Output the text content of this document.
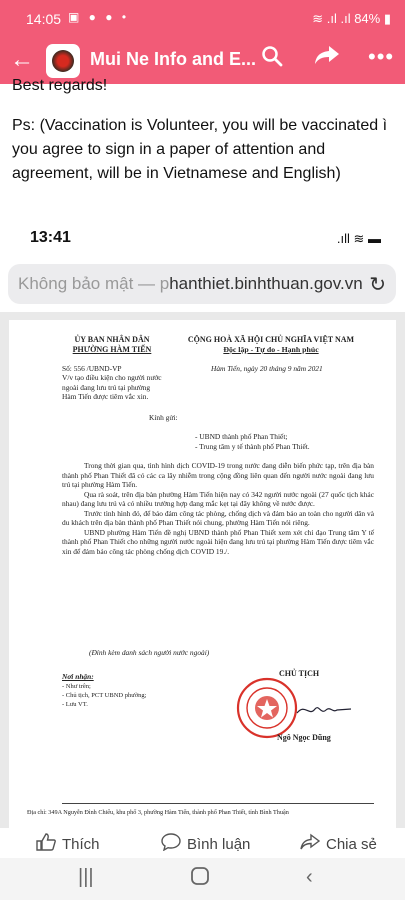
14:05 ▣ ● ● •	≋ .ıl .ıl 84% ▮
←	Mui Ne Info and E...	•••
Best regards!
Ps: (Vaccination is Volunteer, you will be vaccinated ì you agree to sign in a paper of attention and agreement, will be in Vietnamese and English)
13:41	.ıll ≋ ▬
Không bảo mật — phanthiet.binhthuan.gov.vn ↻
ỦY BAN NHÂN DÂN
PHƯỜNG HÀM TIẾN
CỘNG HOÀ XÃ HỘI CHỦ NGHĨA VIỆT NAM
Độc lập - Tự do - Hạnh phúc
Số: 556 /UBND-VP
V/v tạo điều kiện cho người nước ngoài đang lưu trú tại phường Hàm Tiến được tiêm vắc xin.
Hàm Tiến, ngày 20 tháng 9 năm 2021
Kính gửi:
- UBND thành phố Phan Thiết;
- Trung tâm y tế thành phố Phan Thiết.

Trong thời gian qua, tình hình dịch COVID-19 trong nước đang diễn biến phức tạp, trên địa bàn thành phố Phan Thiết đã có các ca lây nhiễm trong cộng đồng liên quan đến người nước ngoài đang lưu trú tại phường Hàm Tiến.

Qua rà soát, trên địa bàn phường Hàm Tiến hiện nay có 342 người nước ngoài (27 quốc tịch khác nhau) đang lưu trú và có nhiều trường hợp đang mắc kẹt tại đây không về nước được.

Trước tình hình đó, để bảo đảm công tác phòng, chống dịch và đảm bảo an toàn cho người dân và du khách trên địa bàn thành phố Phan Thiết nói chung, phường Hàm Tiến nói riêng.

UBND phường Hàm Tiến đề nghị UBND thành phố Phan Thiết xem xét chỉ đạo Trung tâm Y tế thành phố Phan Thiết cho những người nước ngoài hiện đang lưu trú tại phường Hàm Tiến được tiêm vắc xin để đảm bảo công tác phòng chống dịch COVID 19./.

(Đính kèm danh sách người nước ngoài)
Nơi nhận:
- Như trên;
- Chủ tịch, PCT UBND phường;
- Lưu VT.
CHỦ TỊCH
Ngô Ngọc Dũng
Địa chỉ: 349A Nguyễn Đình Chiểu, khu phố 3, phường Hàm Tiến, thành phố Phan Thiết, tỉnh Bình Thuận
Thích	Bình luận	Chia sẻ
|||	‹
